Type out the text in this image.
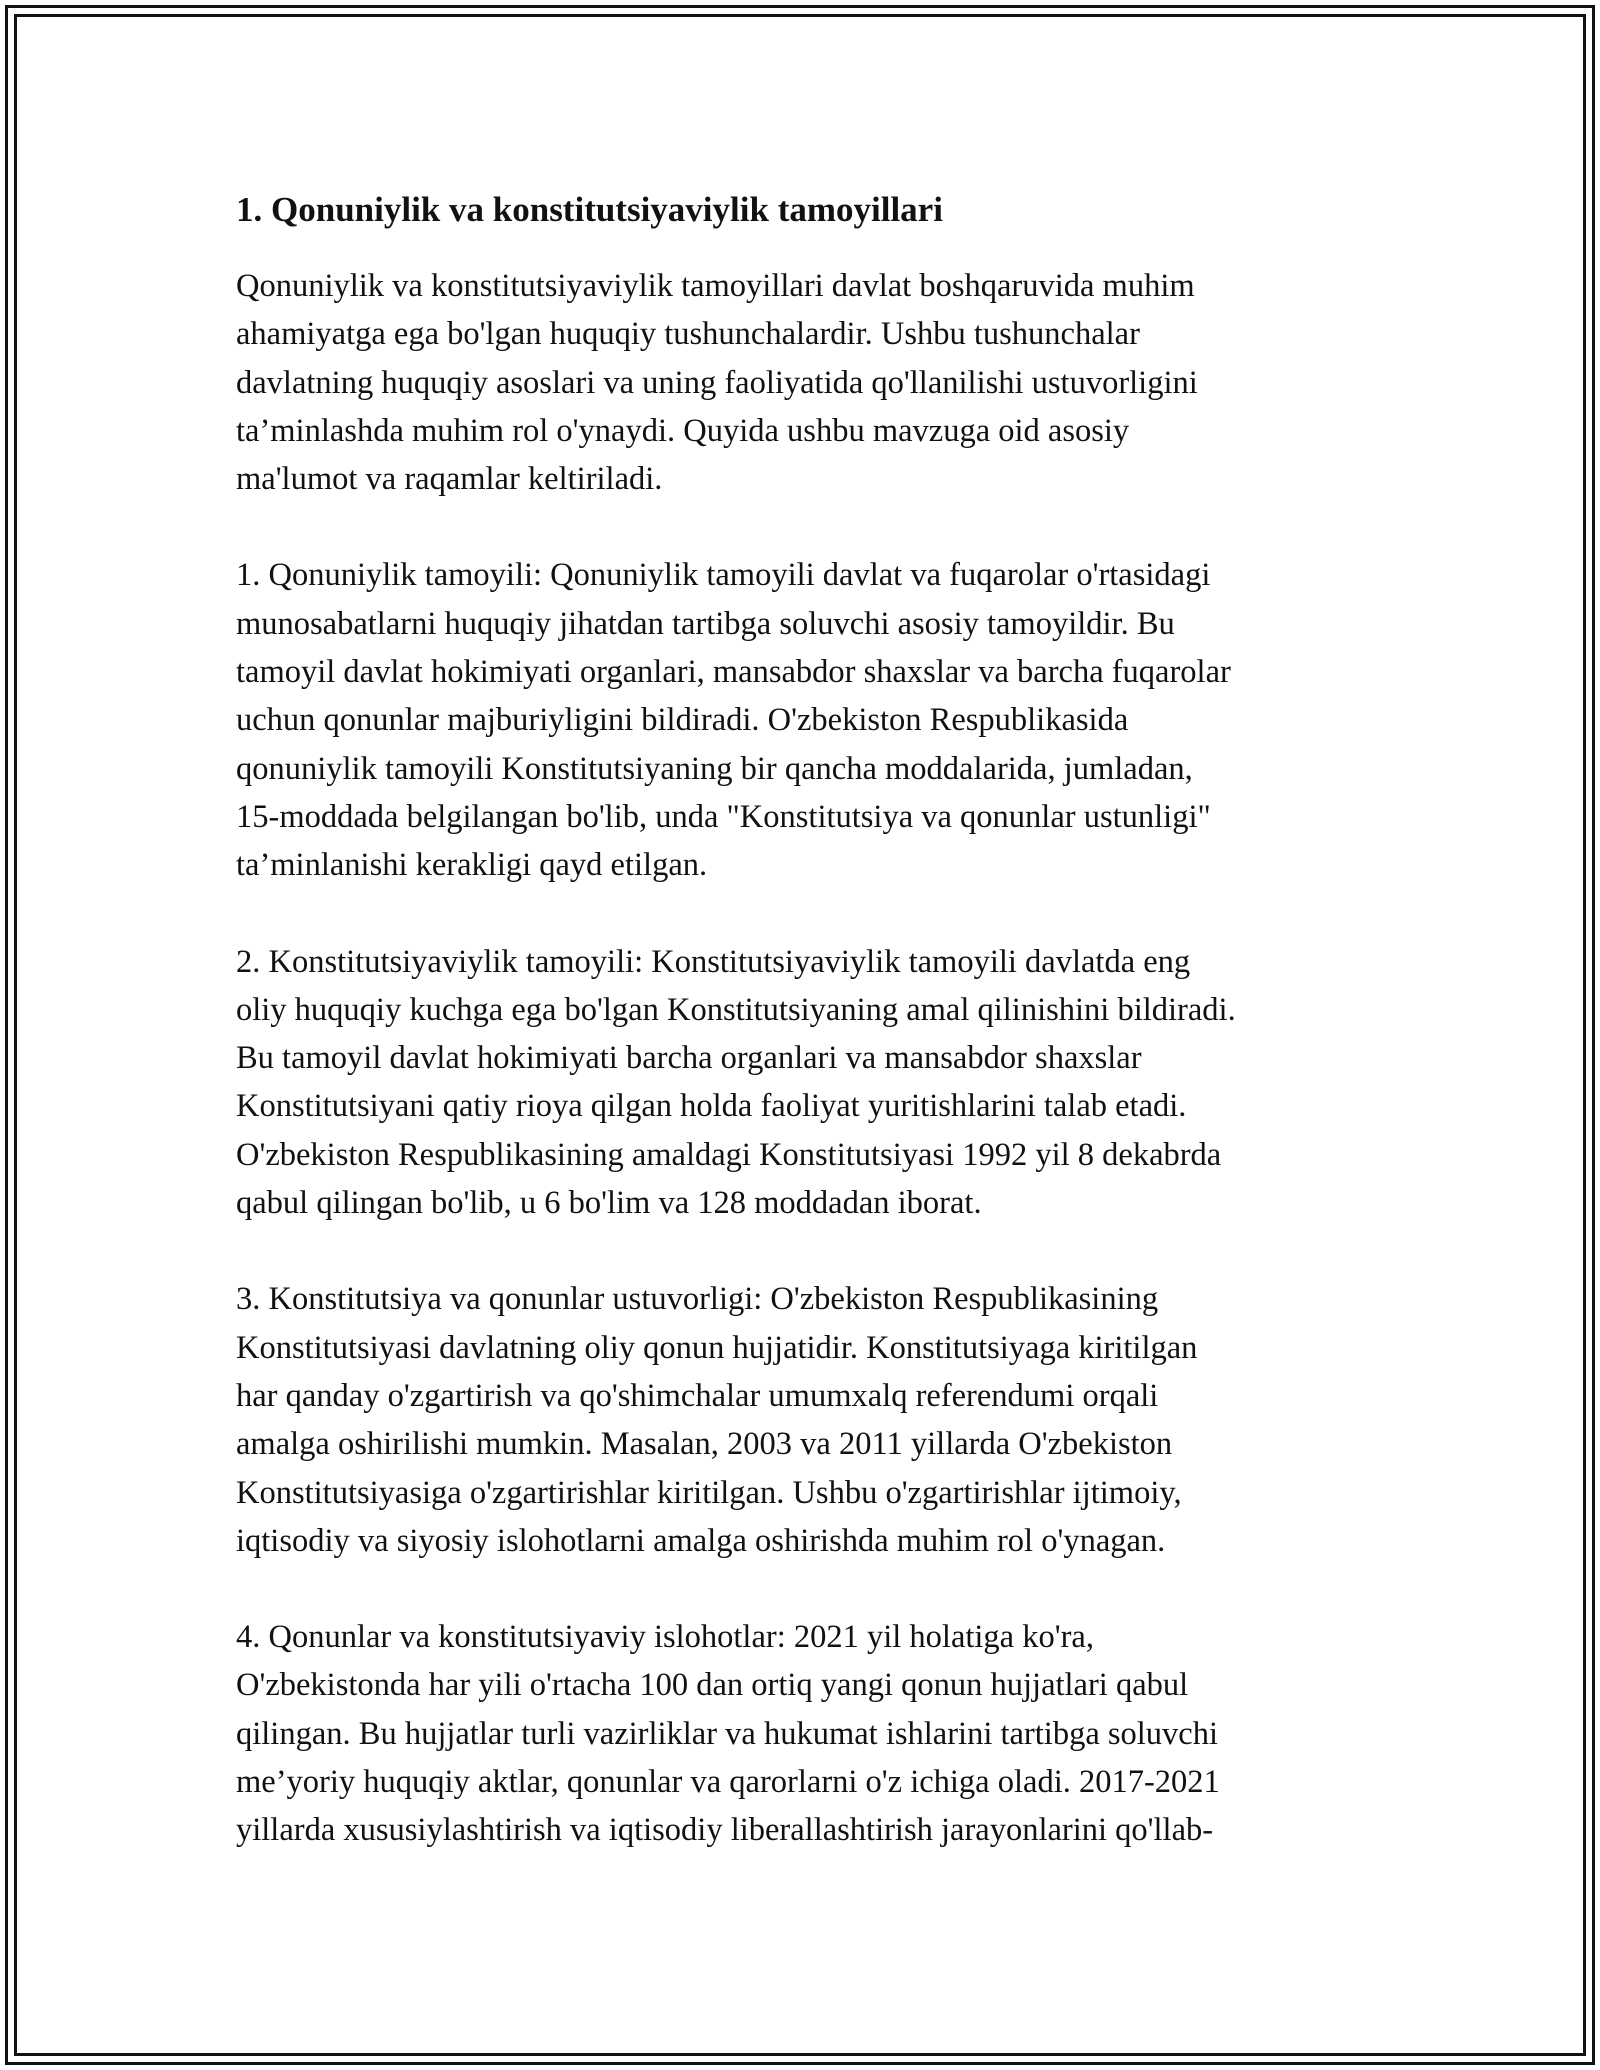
1. Qonuniylik va konstitutsiyaviylik tamoyillari

Qonuniylik va konstitutsiyaviylik tamoyillari davlat boshqaruvida muhim
ahamiyatga ega bo'lgan huquqiy tushunchalardir. Ushbu tushunchalar
davlatning huquqiy asoslari va uning faoliyatida qo'llanilishi ustuvorligini
ta’minlashda muhim rol o'ynaydi. Quyida ushbu mavzuga oid asosiy
ma'lumot va raqamlar keltiriladi.

1. Qonuniylik tamoyili: Qonuniylik tamoyili davlat va fuqarolar o'rtasidagi
munosabatlarni huquqiy jihatdan tartibga soluvchi asosiy tamoyildir. Bu
tamoyil davlat hokimiyati organlari, mansabdor shaxslar va barcha fuqarolar
uchun qonunlar majburiyligini bildiradi. O'zbekiston Respublikasida
qonuniylik tamoyili Konstitutsiyaning bir qancha moddalarida, jumladan,
15-moddada belgilangan bo'lib, unda "Konstitutsiya va qonunlar ustunligi"
ta’minlanishi kerakligi qayd etilgan.

2. Konstitutsiyaviylik tamoyili: Konstitutsiyaviylik tamoyili davlatda eng
oliy huquqiy kuchga ega bo'lgan Konstitutsiyaning amal qilinishini bildiradi.
Bu tamoyil davlat hokimiyati barcha organlari va mansabdor shaxslar
Konstitutsiyani qatiy rioya qilgan holda faoliyat yuritishlarini talab etadi.
O'zbekiston Respublikasining amaldagi Konstitutsiyasi 1992 yil 8 dekabrda
qabul qilingan bo'lib, u 6 bo'lim va 128 moddadan iborat.

3. Konstitutsiya va qonunlar ustuvorligi: O'zbekiston Respublikasining
Konstitutsiyasi davlatning oliy qonun hujjatidir. Konstitutsiyaga kiritilgan
har qanday o'zgartirish va qo'shimchalar umumxalq referendumi orqali
amalga oshirilishi mumkin. Masalan, 2003 va 2011 yillarda O'zbekiston
Konstitutsiyasiga o'zgartirishlar kiritilgan. Ushbu o'zgartirishlar ijtimoiy,
iqtisodiy va siyosiy islohotlarni amalga oshirishda muhim rol o'ynagan.

4. Qonunlar va konstitutsiyaviy islohotlar: 2021 yil holatiga ko'ra,
O'zbekistonda har yili o'rtacha 100 dan ortiq yangi qonun hujjatlari qabul
qilingan. Bu hujjatlar turli vazirliklar va hukumat ishlarini tartibga soluvchi
me’yoriy huquqiy aktlar, qonunlar va qarorlarni o'z ichiga oladi. 2017-2021
yillarda xususiylashtirish va iqtisodiy liberallashtirish jarayonlarini qo'llab-
